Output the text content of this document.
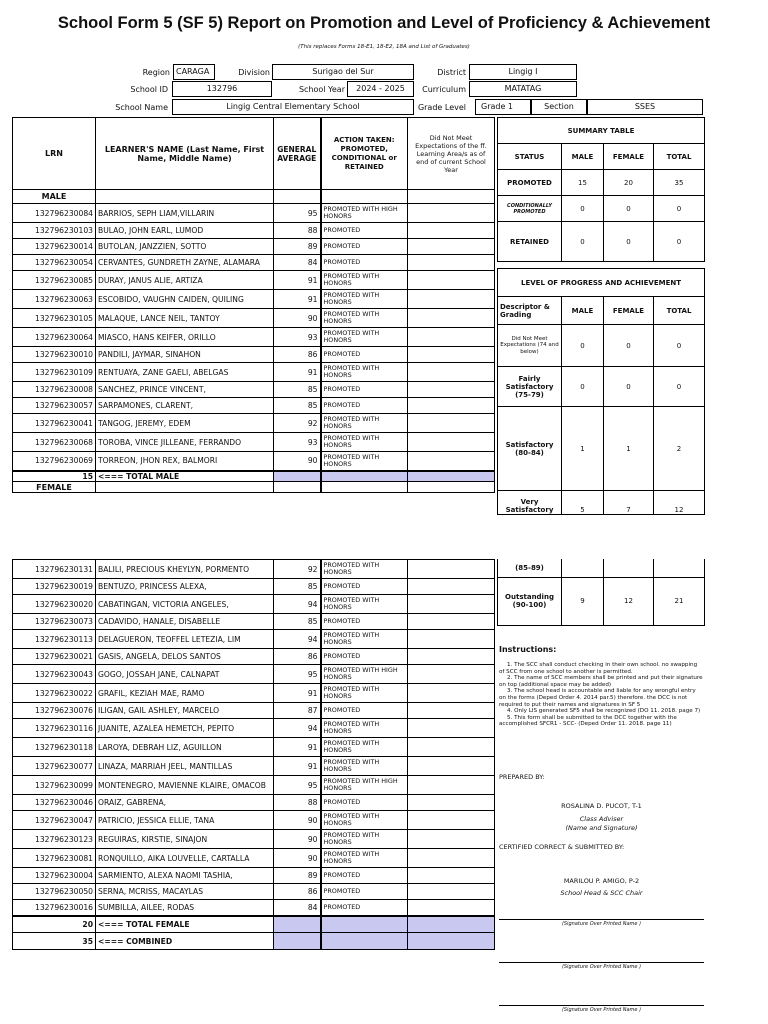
School Form 5 (SF 5) Report on Promotion and Level of Proficiency & Achievement
(This replaces Forms 18-E1, 18-E2, 18A and List of Graduates)
Region CARAGA	Division	Surigao del Sur	District	Lingig I
School ID	132796	School Year	2024 - 2025	Curriculum	MATATAG
School Name	Lingig Central Elementary School	Grade Level	Grade 1	Section	SSES
LRN	LEARNER'S NAME (Last Name, First Name, Middle Name)	GENERAL AVERAGE	ACTION TAKEN: PROMOTED, CONDITIONAL or RETAINED	Did Not Meet Expectations of the ff. Learning Area/s as of end of current School Year
MALE				
132796230084	BARRIOS, SEPH LIAM,VILLARIN	95	PROMOTED WITH HIGH HONORS	
132796230103	BULAO, JOHN EARL, LUMOD	88	PROMOTED	
132796230014	BUTOLAN, JANZZIEN, SOTTO	89	PROMOTED	
132796230054	CERVANTES, GUNDRETH ZAYNE, ALAMARA	84	PROMOTED	
132796230085	DURAY, JANUS ALIE, ARTIZA	91	PROMOTED WITH HONORS	
132796230063	ESCOBIDO, VAUGHN CAIDEN, QUILING	91	PROMOTED WITH HONORS	
132796230105	MALAQUE, LANCE NEIL, TANTOY	90	PROMOTED WITH HONORS	
132796230064	MIASCO, HANS KEIFER, ORILLO	93	PROMOTED WITH HONORS	
132796230010	PANDILI, JAYMAR, SINAHON	86	PROMOTED	
132796230109	RENTUAYA, ZANE GAELI, ABELGAS	91	PROMOTED WITH HONORS	
132796230008	SANCHEZ, PRINCE VINCENT,	85	PROMOTED	
132796230057	SARPAMONES, CLARENT,	85	PROMOTED	
132796230041	TANGOG, JEREMY, EDEM	92	PROMOTED WITH HONORS	
132796230068	TOROBA, VINCE JILLEANE, FERRANDO	93	PROMOTED WITH HONORS	
132796230069	TORREON, JHON REX, BALMORI	90	PROMOTED WITH HONORS	
15	<=== TOTAL MALE			
FEMALE				
132796230131	BALILI, PRECIOUS KHEYLYN, PORMENTO	92	PROMOTED WITH HONORS	
132796230019	BENTUZO, PRINCESS ALEXA,	85	PROMOTED	
132796230020	CABATINGAN, VICTORIA ANGELES,	94	PROMOTED WITH HONORS	
132796230073	CADAVIDO, HANALE, DISABELLE	85	PROMOTED	
132796230113	DELAGUERON, TEOFFEL LETEZIA, LIM	94	PROMOTED WITH HONORS	
132796230021	GASIS, ANGELA, DELOS SANTOS	86	PROMOTED	
132796230043	GOGO, JOSSAH JANE, CALNAPAT	95	PROMOTED WITH HIGH HONORS	
132796230022	GRAFIL, KEZIAH MAE, RAMO	91	PROMOTED WITH HONORS	
132796230076	ILIGAN, GAIL ASHLEY, MARCELO	87	PROMOTED	
132796230116	JUANITE, AZALEA HEMETCH, PEPITO	94	PROMOTED WITH HONORS	
132796230118	LAROYA, DEBRAH LIZ, AGUILLON	91	PROMOTED WITH HONORS	
132796230077	LINAZA, MARRIAH JEEL, MANTILLAS	91	PROMOTED WITH HONORS	
132796230099	MONTENEGRO, MAVIENNE KLAIRE, OMACOB	95	PROMOTED WITH HIGH HONORS	
132796230046	ORAIZ, GABRENA,	88	PROMOTED	
132796230047	PATRICIO, JESSICA ELLIE, TANA	90	PROMOTED WITH HONORS	
132796230123	REGUIRAS, KIRSTIE, SINAJON	90	PROMOTED WITH HONORS	
132796230081	RONQUILLO, AIKA LOUVELLE, CARTALLA	90	PROMOTED WITH HONORS	
132796230004	SARMIENTO, ALEXA NAOMI TASHIA,	89	PROMOTED	
132796230050	SERNA, MCRISS, MACAYLAS	86	PROMOTED	
132796230016	SUMBILLA, AILEE, RODAS	84	PROMOTED	
20	<=== TOTAL FEMALE			
35	<=== COMBINED			
SUMMARY TABLE			
STATUS	MALE	FEMALE	TOTAL
PROMOTED	15	20	35
CONDITIONALLY PROMOTED	0	0	0
RETAINED	0	0	0
LEVEL OF PROGRESS AND ACHIEVEMENT			
Descriptor & Grading	MALE	FEMALE	TOTAL
Did Not Meet Expectations (74 and below)	0	0	0
Fairly Satisfactory (75-79)	0	0	0
Satisfactory (80-84)	1	1	2
Very Satisfactory	5	7	12
(85-89)			
Outstanding (90-100)	9	12	21
Instructions:
1. The SCC shall conduct checking in their own school. no swapping of SCC from one school to another is permitted.
2. The name of SCC members shall be printed and put their signature on top (additional space may be added)
3. The school head is accountable and liable for any wrongful entry on the forms (Deped Order 4. 2014 par.5) therefore. the DCC is not required to put their names and signatures in SF 5
4. Only LIS generated SF5 shall be recognized (DO 11. 2018. page 7)
5. This form shall be submitted to the DCC together with the accomplished SFCR1 - SCC- (Deped Order 11. 2018. page 11)
PREPARED BY:
ROSALINA D. PUCOT, T-1
Class Adviser
(Name and Signature)
CERTIFIED CORRECT & SUBMITTED BY:
MARILOU P. AMIGO, P-2
School Head & SCC Chair
(Signature Over Printed Name )
(Signature Over Printed Name )
(Signature Over Printed Name )
